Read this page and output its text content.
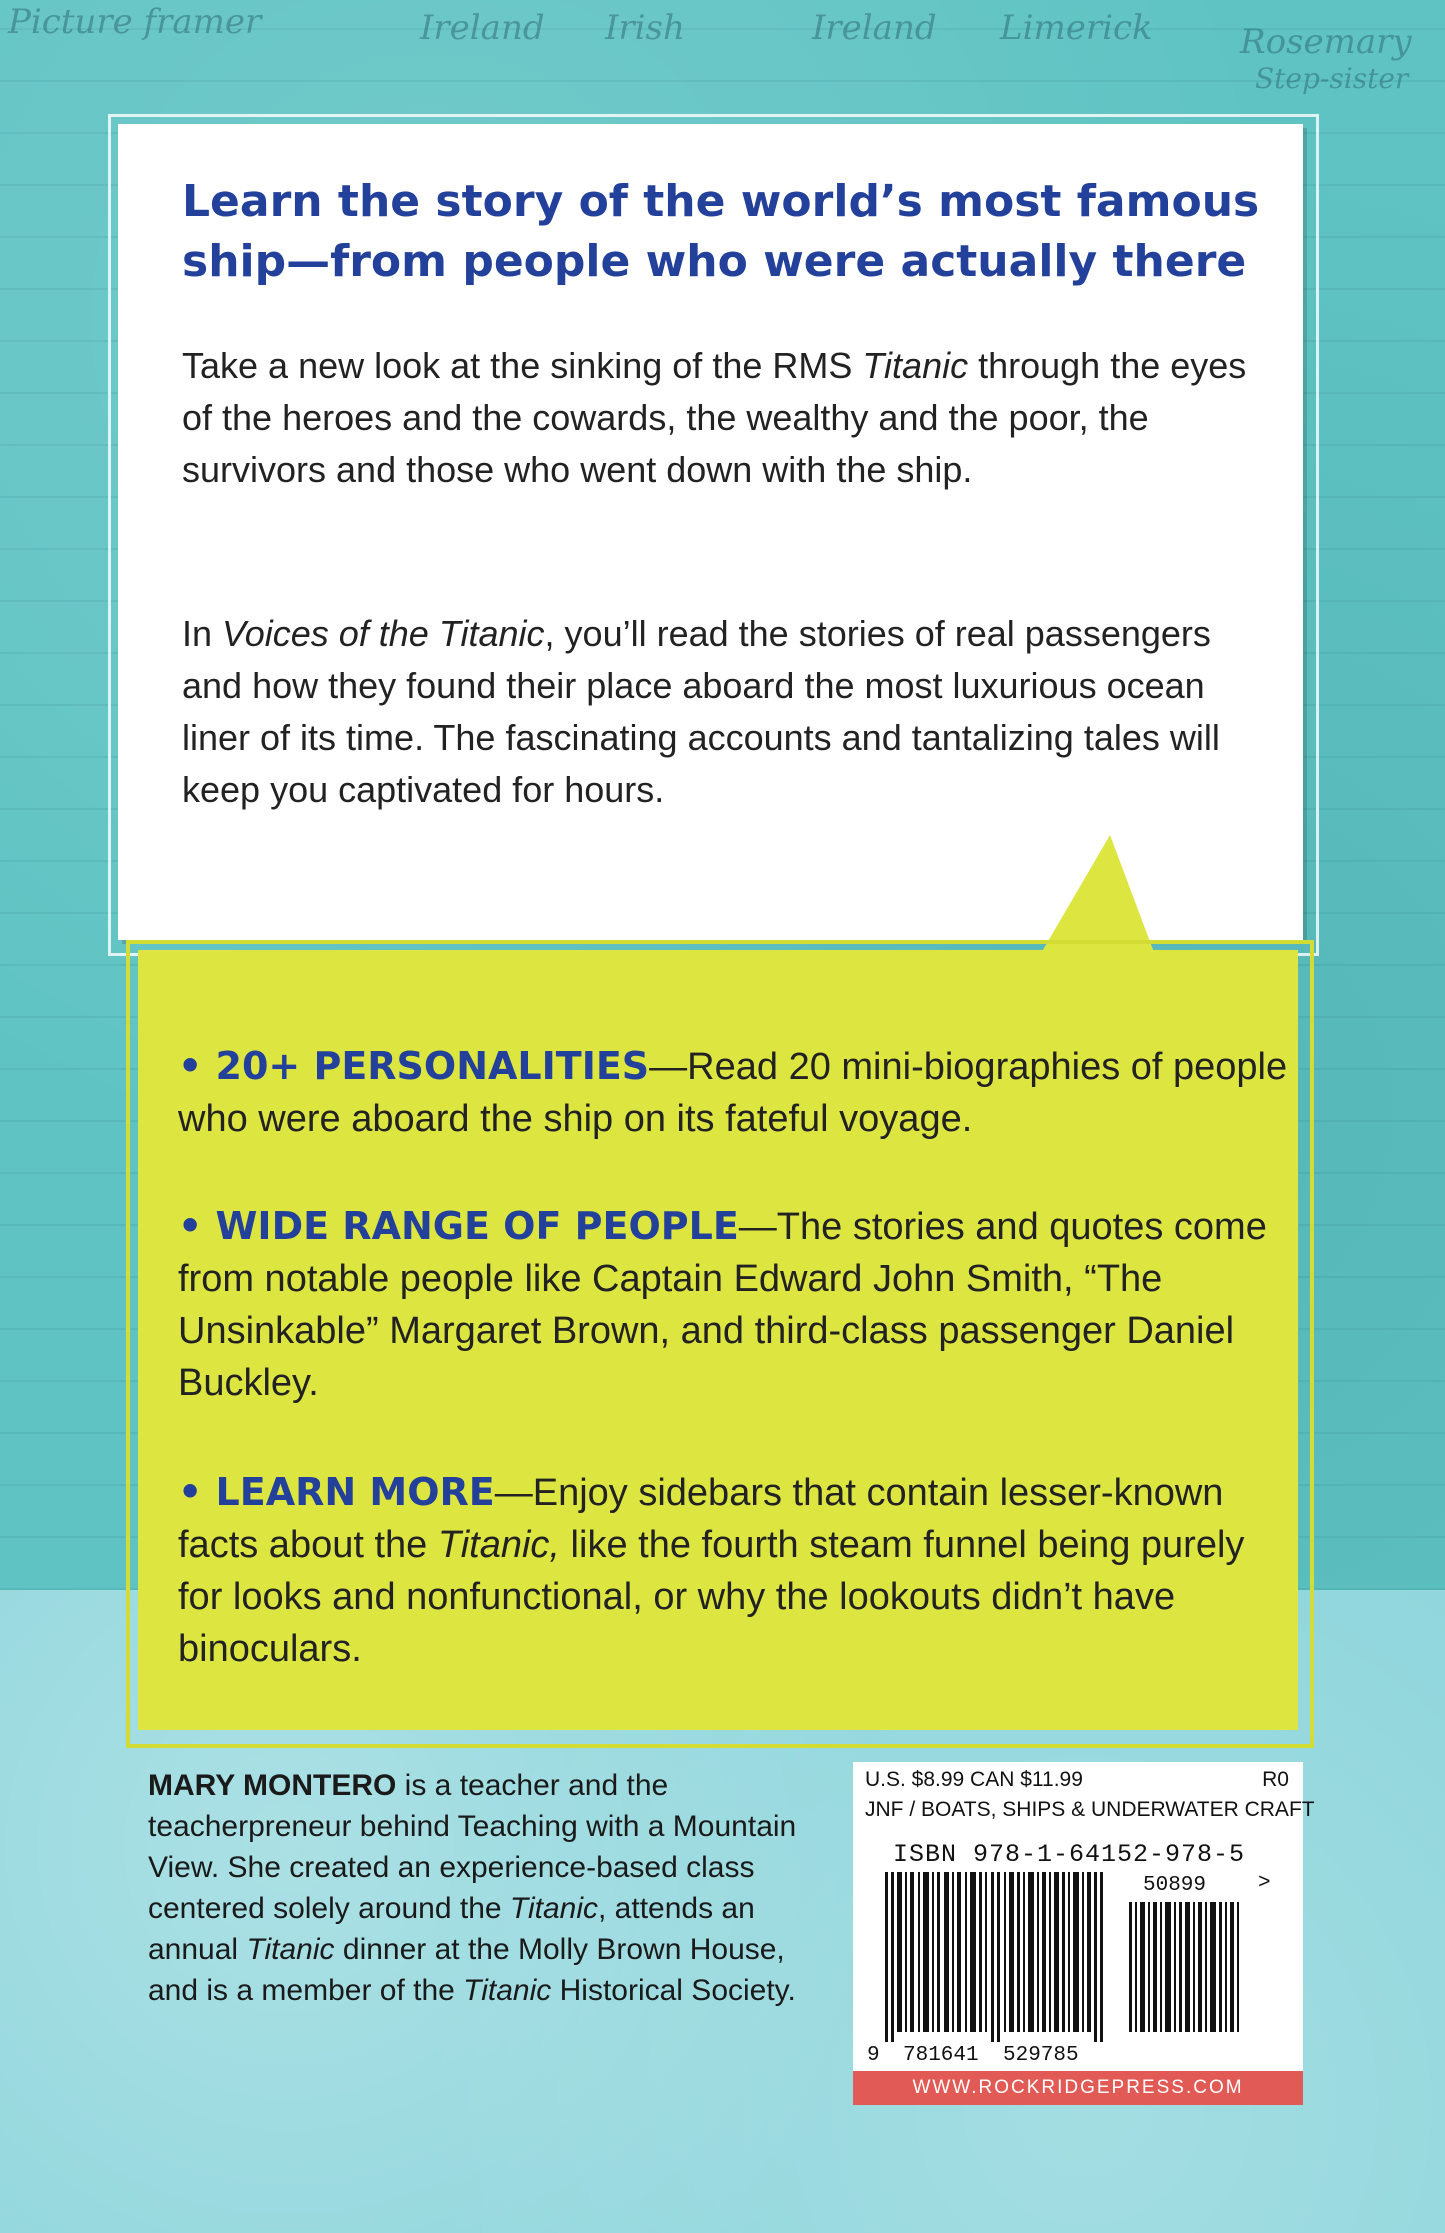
Picture framer	Ireland Irish	Ireland Limerick	Rosemary
Step-sister
Learn the story of the world’s most famous ship—from people who were actually there

Take a new look at the sinking of the RMS Titanic through the eyes of the heroes and the cowards, the wealthy and the poor, the survivors and those who went down with the ship.

In Voices of the Titanic, you’ll read the stories of real passengers and how they found their place aboard the most luxurious ocean liner of its time. The fascinating accounts and tantalizing tales will keep you captivated for hours.

• 20+ PERSONALITIES—Read 20 mini-biographies of people who were aboard the ship on its fateful voyage.

• WIDE RANGE OF PEOPLE—The stories and quotes come from notable people like Captain Edward John Smith, “The Unsinkable” Margaret Brown, and third-class passenger Daniel Buckley.

• LEARN MORE—Enjoy sidebars that contain lesser-known facts about the Titanic, like the fourth steam funnel being purely for looks and nonfunctional, or why the lookouts didn’t have binoculars.

MARY MONTERO is a teacher and the teacherpreneur behind Teaching with a Mountain View. She created an experience-based class centered solely around the Titanic, attends an annual Titanic dinner at the Molly Brown House, and is a member of the Titanic Historical Society.

U.S. $8.99 CAN $11.99	R0
JNF / BOATS, SHIPS & UNDERWATER CRAFT
ISBN 978-1-64152-978-5
50899 >
9 781641 529785
WWW.ROCKRIDGEPRESS.COM
